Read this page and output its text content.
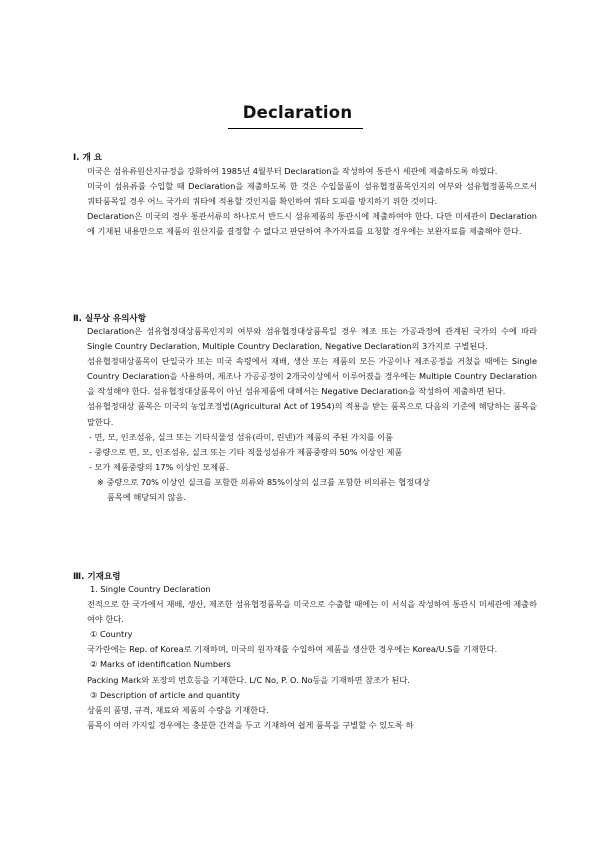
Declaration
Ⅰ. 개 요

미국은 섬유류원산지규정을 강화하여 1985년 4월부터 Declaration을 작성하여 통관시 세관에 제출하도록 하였다.

미국이 섬유류를 수입할 때 Declaration을 제출하도록 한 것은 수입물품이 섬유협정품목인지의 여부와 섬유협정품목으로서 쿼타품목일 경우 어느 국가의 쿼타에 적용할 것인지를 확인하여 쿼타 도피를 방지하기 위한 것이다.

Declaration은 미국의 경우 통관서류의 하나로서 반드시 섬유제품의 통관시에 제출하여야 한다. 다만 미세관이 Declaration에 기재된 내용만으로 제품의 원산지를 결정할 수 없다고 판단하여 추가자료를 요청할 경우에는 보완자료를 제출해야 한다.

Ⅱ. 실무상 유의사항

Declaration은 섬유협정대상품목인지의 여부와 섬유협정대상품목일 경우 제조 또는 가공과정에 관계된 국가의 수에 따라 Single Country Declaration, Multiple Country Declaration, Negative Declaration의 3가지로 구별된다.

섬유협정대상품목이 단일국가 또는 미국 속령에서 재배, 생산 또는 제품의 모든 가공이나 제조공정을 거쳤을 때에는 Single Country Declaration을 사용하며, 제조나 가공공정이 2개국이상에서 이루어졌을 경우에는 Multiple Country Declaration을 작성해야 한다. 섬유협정대상품목이 아닌 섬유제품에 대해서는 Negative Declaration을 작성하여 제출하면 된다.

섬유협정대상 품목은 미국의 농업조정법(Agricultural Act of 1954)의 적용을 받는 품목으로 다음의 기준에 해당하는 품목을 말한다.

- 면, 모, 인조섬유, 실크 또는 기타식물성 섬유(라미, 린넨)가 제품의 주된 가치를 이룸

- 중량으로 면, 모, 인조섬유, 실크 또는 기타 직물성섬유가 제품중량의 50% 이상인 제품

- 모가 제품중량의 17% 이상인 모제품.

※ 중량으로 70% 이상인 실크를 포함한 의류와 85%이상의 실크를 포함한 비의류는 협정대상

품목에 해당되지 않음.

Ⅲ. 기재요령

1. Single Country Declaration

전적으로 한 국가에서 재배, 생산, 제조한 섬유협정품목을 미국으로 수출할 때에는 이 서식을 작성하여 통관시 미세관에 제출하여야 한다.

① Country

국가란에는 Rep. of Korea로 기재하며, 미국의 원자재를 수입하여 제품을 생산한 경우에는 Korea/U.S를 기재한다.

② Marks of identification Numbers

Packing Mark와 포장의 번호등을 기재한다. L/C No, P. O. No등을 기재하면 참조가 된다.

③ Description of article and quantity

상품의 품명, 규격, 재료와 제품의 수량을 기재한다.

품목이 여러 가지일 경우에는 충분한 간격을 두고 기재하여 쉽게 품목을 구별할 수 있도록 하
